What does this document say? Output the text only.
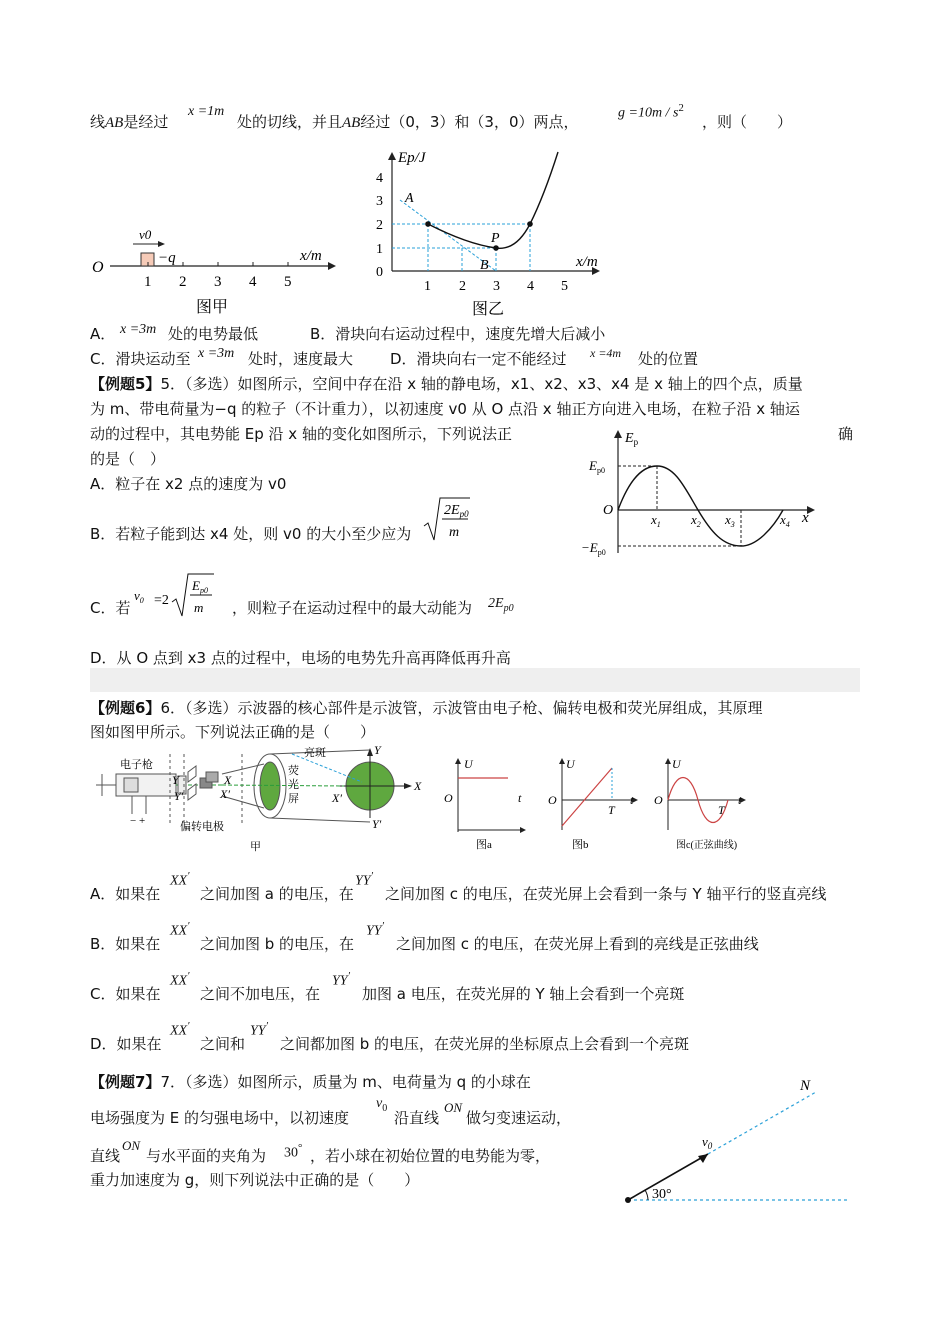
线AB是经过
x =1m
处的切线，并且AB经过（0，3）和（3，0）两点，	$g =10m / s^2$
，则（　　）
v0
−q
O
1 2 3 4 5
x/m
图甲
Ep/J
x/m
4
3
2
1
0
1 2 3 4 5
A
P
B
图乙
A． x =3m 处的电势最低	B．滑块向右运动过程中，速度先增大后减小
C．滑块运动至 x =3m 处时，速度最大 D．滑块向右一定不能经过 x =4m 处的位置
【例题5】5．（多选）如图所示，空间中存在沿 x 轴的静电场，x1、x2、x3、x4 是 x 轴上的四个点，质量
为 m、带电荷量为−q 的粒子（不计重力），以初速度 v0 从 O 点沿 x 轴正方向进入电场，在粒子沿 x 轴运
动的过程中，其电势能 Ep 沿 x 轴的变化如图所示，下列说法正	确
的是（　）
A．粒子在 x2 点的速度为 v0
B．若粒子能到达 x4 处，则 v0 的大小至少应为
$2E_{p0}$
m
C．若
$v_0 =2$
$E_{p0}$
m ，则粒子在运动过程中的最大动能为 $2E_{p0}$
D．从 O 点到 x3 点的过程中，电场的电势先升高再降低再升高
$E_p$
$E_{p0}$
$-E_{p0}$
O
$x_1$ $x_2$ $x_3$	$x_4$ x
【例题6】6．（多选）示波器的核心部件是示波管，示波管由电子枪、偏转电极和荧光屏组成，其原理
图如图甲所示。下列说法正确的是（　　）
电子枪
亮斑
荧
光
屏
偏转电极
甲
− +
Y
Y′
X
X′
Y	X
Y′	X′
U
O	t
图a
U
O
T
t
图b
U
O
T
t
图c(正弦曲线)
A．如果在
XX′
之间加图 a 的电压，在
YY′
之间加图 c 的电压，在荧光屏上会看到一条与 Y 轴平行的竖直亮线
B．如果在
XX′
之间加图 b 的电压，在
YY′
之间加图 c 的电压，在荧光屏上看到的亮线是正弦曲线
C．如果在
XX′
之间不加电压，在
YY′
加图 a 电压，在荧光屏的 Y 轴上会看到一个亮斑
D．如果在
XX′
之间和
YY′
之间都加图 b 的电压，在荧光屏的坐标原点上会看到一个亮斑
【例题7】7．（多选）如图所示，质量为 m、电荷量为 q 的小球在
电场强度为 E 的匀强电场中，以初速度
$v_0$
沿直线
ON
做匀变速运动，
直线
ON
与水平面的夹角为 30° ，若小球在初始位置的电势能为零，
重力加速度为 g，则下列说法中正确的是（　　）
N
$v_0$
30°
